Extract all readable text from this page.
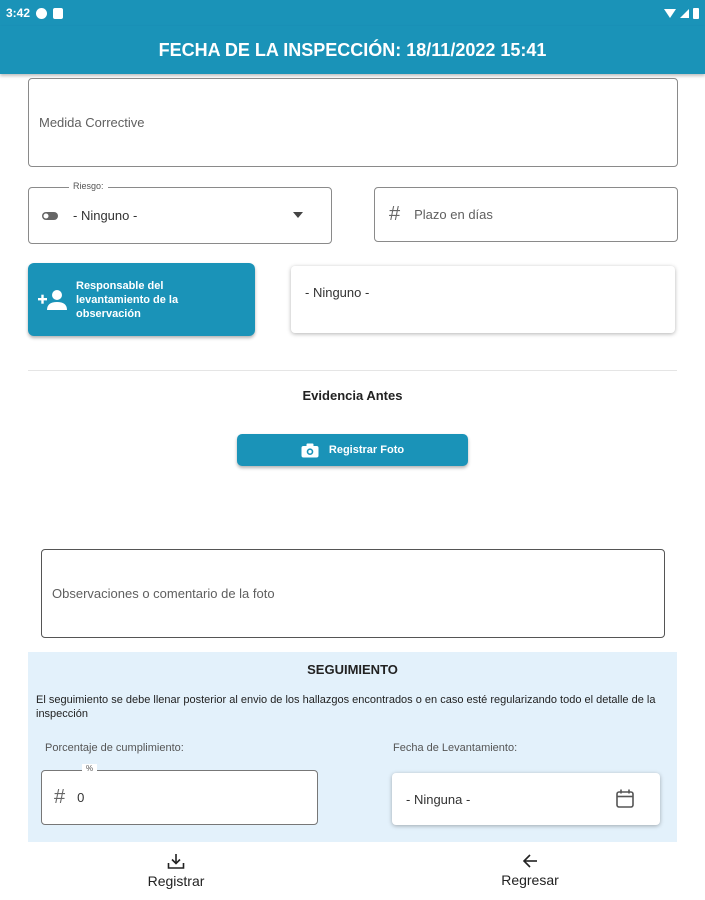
3:42
FECHA DE LA INSPECCIÓN: 18/11/2022 15:41
Medida Corrective
Riesgo:
- Ninguno -	# Plazo en días
Responsable del levantamiento de la observación
- Ninguno -
Evidencia Antes
Registrar Foto
Observaciones o comentario de la foto
SEGUIMIENTO
El seguimiento se debe llenar posterior al envio de los hallazgos encontrados o en caso esté regularizando todo el detalle de la inspección
Porcentaje de cumplimiento:
%
# 0
Fecha de Levantamiento:
- Ninguna -
Registrar	Regresar
